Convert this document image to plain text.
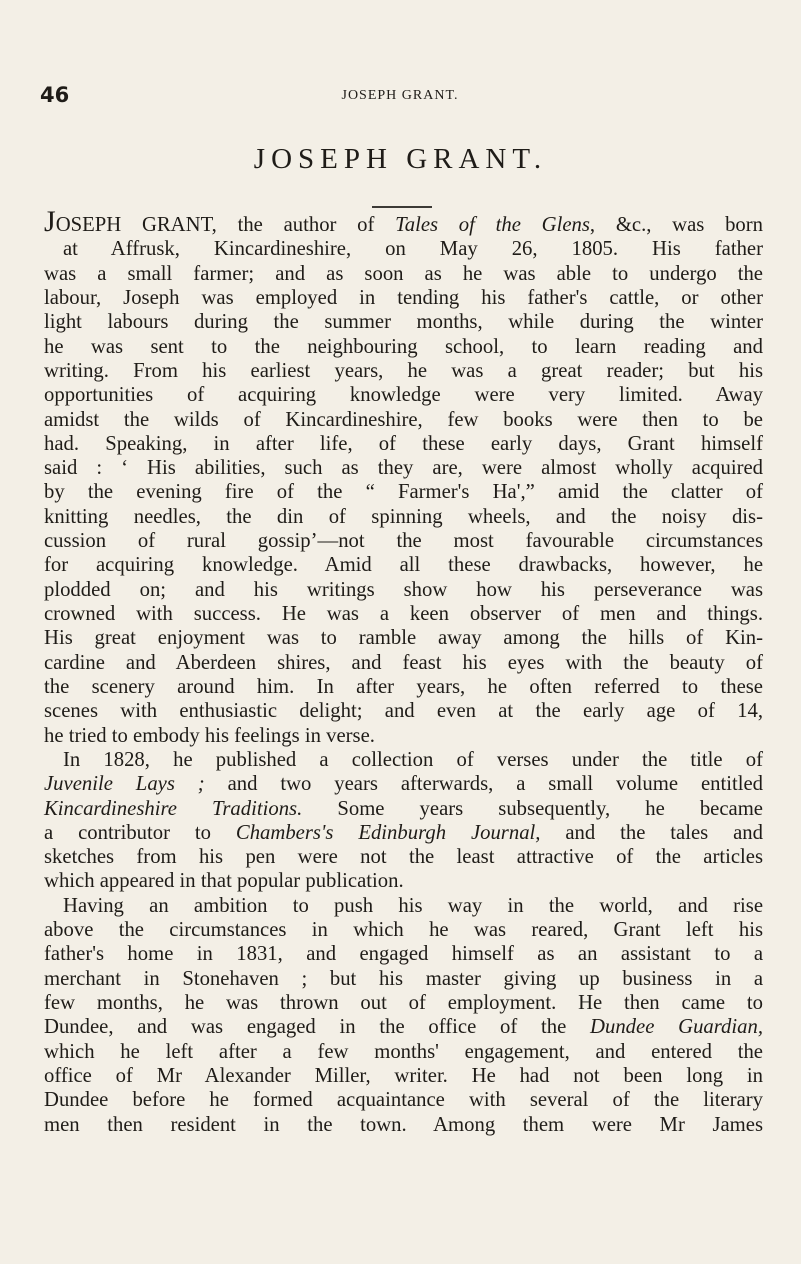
46	JOSEPH GRANT.
JOSEPH GRANT.

JOSEPH GRANT, the author of Tales of the Glens, &c., was born

at Affrusk, Kincardineshire, on May 26, 1805. His father

was a small farmer; and as soon as he was able to undergo the

labour, Joseph was employed in tending his father's cattle, or other

light labours during the summer months, while during the winter

he was sent to the neighbouring school, to learn reading and

writing. From his earliest years, he was a great reader; but his

opportunities of acquiring knowledge were very limited. Away

amidst the wilds of Kincardineshire, few books were then to be

had. Speaking, in after life, of these early days, Grant himself

said : ‘ His abilities, such as they are, were almost wholly acquired

by the evening fire of the “ Farmer's Ha',” amid the clatter of

knitting needles, the din of spinning wheels, and the noisy dis-

cussion of rural gossip’—not the most favourable circumstances

for acquiring knowledge. Amid all these drawbacks, however, he

plodded on; and his writings show how his perseverance was

crowned with success. He was a keen observer of men and things.

His great enjoyment was to ramble away among the hills of Kin-

cardine and Aberdeen shires, and feast his eyes with the beauty of

the scenery around him. In after years, he often referred to these

scenes with enthusiastic delight; and even at the early age of 14,

he tried to embody his feelings in verse.

In 1828, he published a collection of verses under the title of

Juvenile Lays ; and two years afterwards, a small volume entitled

Kincardineshire Traditions. Some years subsequently, he became

a contributor to Chambers's Edinburgh Journal, and the tales and

sketches from his pen were not the least attractive of the articles

which appeared in that popular publication.

Having an ambition to push his way in the world, and rise

above the circumstances in which he was reared, Grant left his

father's home in 1831, and engaged himself as an assistant to a

merchant in Stonehaven ; but his master giving up business in a

few months, he was thrown out of employment. He then came to

Dundee, and was engaged in the office of the Dundee Guardian,

which he left after a few months' engagement, and entered the

office of Mr Alexander Miller, writer. He had not been long in

Dundee before he formed acquaintance with several of the literary

men then resident in the town. Among them were Mr James
